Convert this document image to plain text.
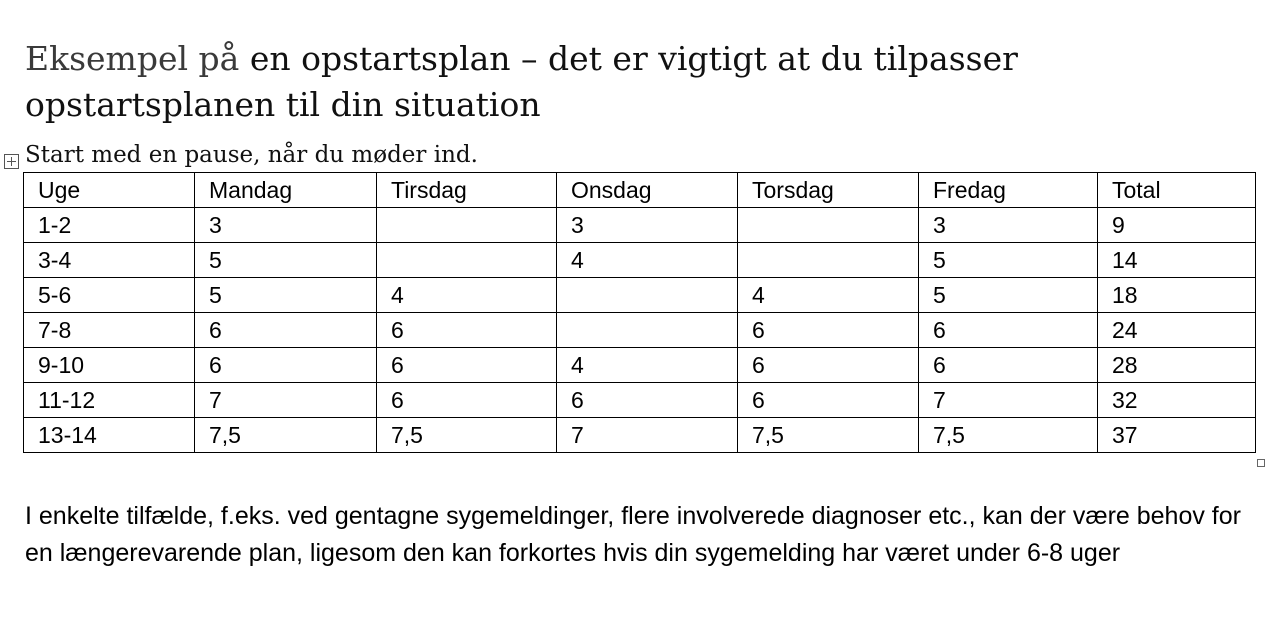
Eksempel på en opstartsplan – det er vigtigt at du tilpasser opstartsplanen til din situation

Start med en pause, når du møder ind.

Uge	Mandag	Tirsdag	Onsdag	Torsdag	Fredag	Total
1-2	3		3		3	9
3-4	5		4		5	14
5-6	5	4		4	5	18
7-8	6	6		6	6	24
9-10	6	6	4	6	6	28
11-12	7	6	6	6	7	32
13-14	7,5	7,5	7	7,5	7,5	37

I enkelte tilfælde, f.eks. ved gentagne sygemeldinger, flere involverede diagnoser etc., kan der være behov for en længerevarende plan, ligesom den kan forkortes hvis din sygemelding har været under 6-8 uger
